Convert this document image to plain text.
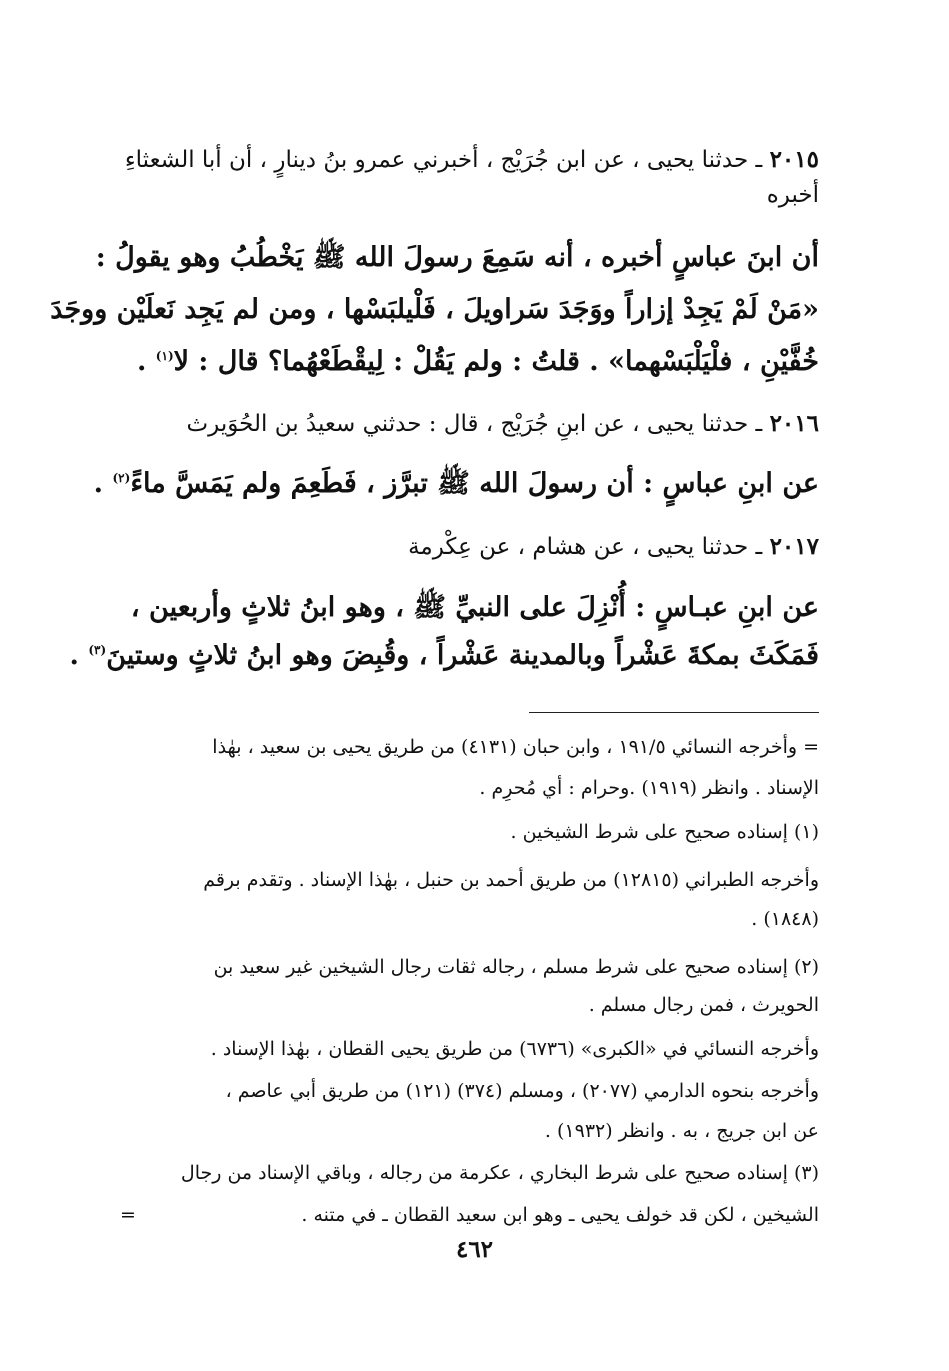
٢٠١٥ ـ حدثنا يحيى ، عن ابن جُرَيْج ، أخبرني عمرو بنُ دينارٍ ، أن أبا الشعثاءِ
أخبره
أن ابنَ عباسٍ أخبره ، أنه سَمِعَ رسولَ الله ﷺ يَخْطُبُ وهو يقولُ :
«مَنْ لَمْ يَجِدْ إزاراً ووَجَدَ سَراويلَ ، فَلْيلبَسْها ، ومن لم يَجِد نَعلَيْن ووجَدَ
خُفَّيْنِ ، فلْيَلْبَسْهما» . قلتُ : ولم يَقُلْ : لِيقْطَعْهُما؟ قال : لا$^{(١)}$ .
٢٠١٦ ـ حدثنا يحيى ، عن ابنِ جُرَيْج ، قال : حدثني سعيدُ بن الحُوَيرث
عن ابنِ عباسٍ : أن رسولَ الله ﷺ تبرَّز ، فَطَعِمَ ولم يَمَسَّ ماءً$^{(٢)}$ .
٢٠١٧ ـ حدثنا يحيى ، عن هشام ، عن عِكْرمة
عن ابنِ عبـاسٍ : أُنْزِلَ على النبيِّ ﷺ ، وهو ابنُ ثلاثٍ وأربعين ،
فَمَكَثَ بمكةَ عَشْراً وبالمدينة عَشْراً ، وقُبِضَ وهو ابنُ ثلاثٍ وستينَ$^{(٣)}$ .
= وأخرجه النسائي ١٩١/٥ ، وابن حبان (٤١٣١) من طريق يحيى بن سعيد ، بهٰذا
الإسناد . وانظر (١٩١٩) .وحرام : أي مُحرِم .
(١) إسناده صحيح على شرط الشيخين .
وأخرجه الطبراني (١٢٨١٥) من طريق أحمد بن حنبل ، بهٰذا الإسناد . وتقدم برقم
(١٨٤٨) .
(٢) إسناده صحيح على شرط مسلم ، رجاله ثقات رجال الشيخين غير سعيد بن
الحويرث ، فمن رجال مسلم .
وأخرجه النسائي في «الكبرى» (٦٧٣٦) من طريق يحيى القطان ، بهٰذا الإسناد .
وأخرجه بنحوه الدارمي (٢٠٧٧) ، ومسلم (٣٧٤) (١٢١) من طريق أبي عاصم ،
عن ابن جريج ، به . وانظر (١٩٣٢) .
(٣) إسناده صحيح على شرط البخاري ، عكرمة من رجاله ، وباقي الإسناد من رجال
الشيخين ، لكن قد خولف يحيى ـ وهو ابن سعيد القطان ـ في متنه .
=
٤٦٢
